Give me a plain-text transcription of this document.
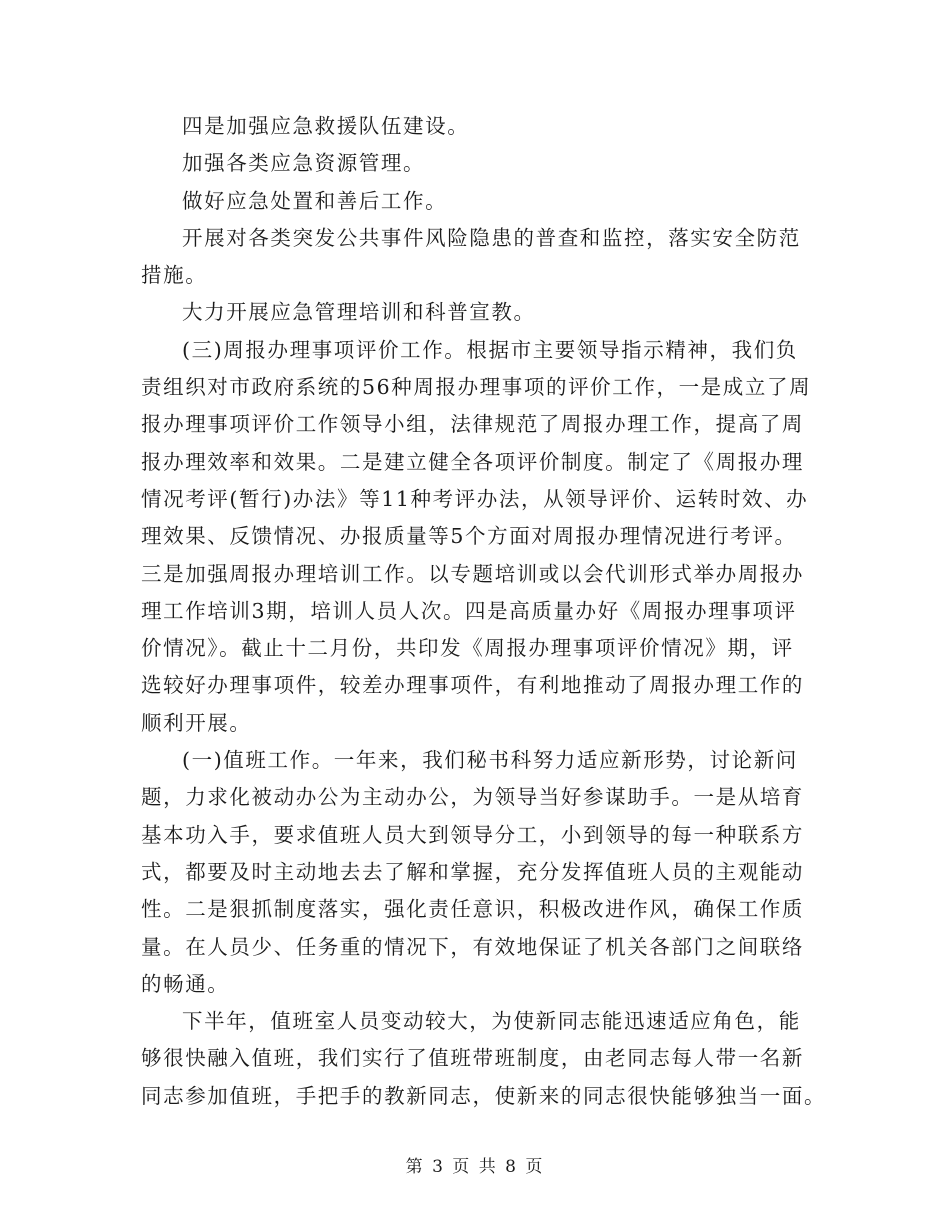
四是加强应急救援队伍建设。
加强各类应急资源管理。
做好应急处置和善后工作。
开展对各类突发公共事件风险隐患的普查和监控，落实安全防范
措施。
大力开展应急管理培训和科普宣教。
(三)周报办理事项评价工作。根据市主要领导指示精神，我们负
责组织对市政府系统的56种周报办理事项的评价工作，一是成立了周
报办理事项评价工作领导小组，法律规范了周报办理工作，提高了周
报办理效率和效果。二是建立健全各项评价制度。制定了《周报办理
情况考评(暂行)办法》等11种考评办法，从领导评价、运转时效、办
理效果、反馈情况、办报质量等5个方面对周报办理情况进行考评。
三是加强周报办理培训工作。以专题培训或以会代训形式举办周报办
理工作培训3期，培训人员人次。四是高质量办好《周报办理事项评
价情况》。截止十二月份，共印发《周报办理事项评价情况》期，评
选较好办理事项件，较差办理事项件，有利地推动了周报办理工作的
顺利开展。
(一)值班工作。一年来，我们秘书科努力适应新形势，讨论新问
题，力求化被动办公为主动办公，为领导当好参谋助手。一是从培育
基本功入手，要求值班人员大到领导分工，小到领导的每一种联系方
式，都要及时主动地去去了解和掌握，充分发挥值班人员的主观能动
性。二是狠抓制度落实，强化责任意识，积极改进作风，确保工作质
量。在人员少、任务重的情况下，有效地保证了机关各部门之间联络
的畅通。
下半年，值班室人员变动较大，为使新同志能迅速适应角色，能
够很快融入值班，我们实行了值班带班制度，由老同志每人带一名新
同志参加值班，手把手的教新同志，使新来的同志很快能够独当一面。
第 3 页 共 8 页
